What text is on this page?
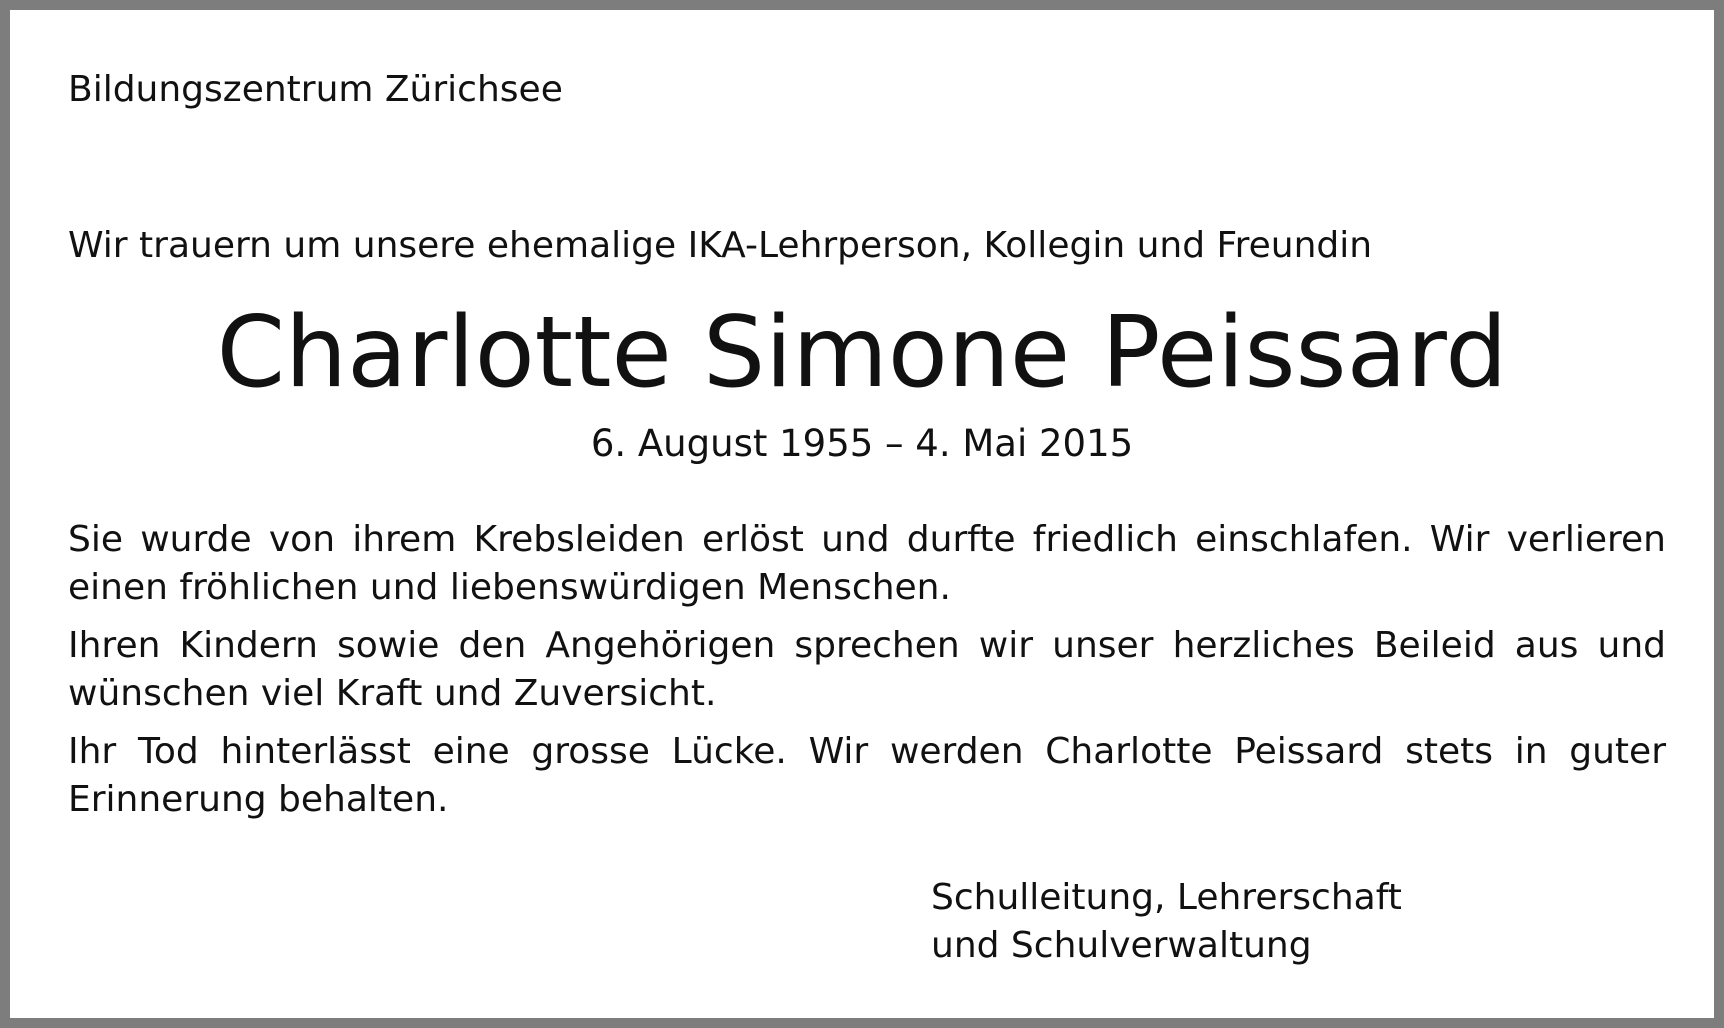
Bildungszentrum Zürichsee
Wir trauern um unsere ehemalige IKA-Lehrperson, Kollegin und Freundin
Charlotte Simone Peissard
6. August 1955 – 4. Mai 2015

Sie wurde von ihrem Krebsleiden erlöst und durfte friedlich einschlafen. Wir verlieren einen fröhlichen und liebenswürdigen Menschen.

Ihren Kindern sowie den Angehörigen sprechen wir unser herzliches Beileid aus und wünschen viel Kraft und Zuversicht.

Ihr Tod hinterlässt eine grosse Lücke. Wir werden Charlotte Peissard stets in guter Erinnerung behalten.

Schulleitung, Lehrerschaft
und Schulverwaltung
